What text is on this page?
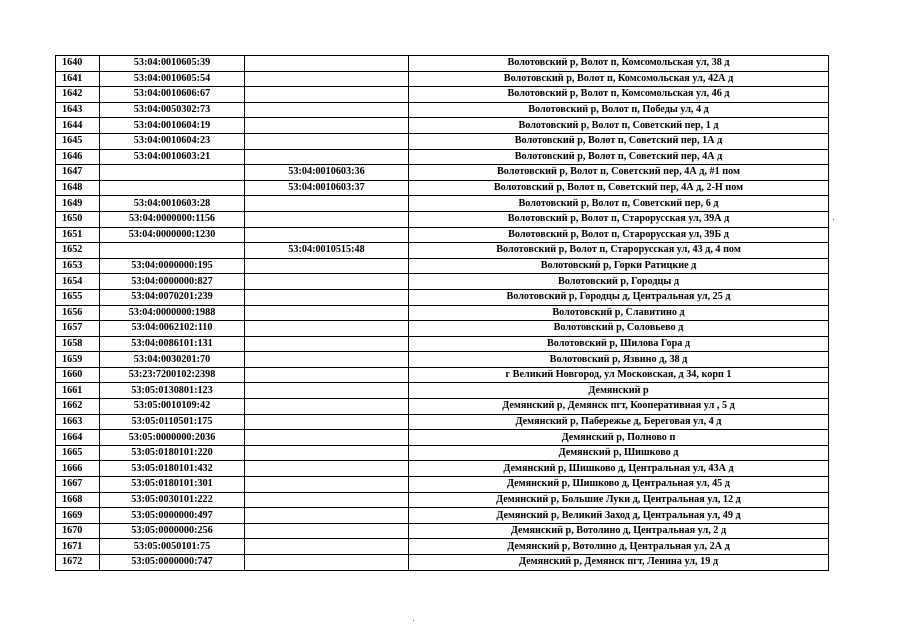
1640	53:04:0010605:39		Волотовский р, Волот п, Комсомольская ул, 38 д
1641	53:04:0010605:54		Волотовский р, Волот п, Комсомольская ул, 42А д
1642	53:04:0010606:67		Волотовский р, Волот п, Комсомольская ул, 46 д
1643	53:04:0050302:73		Волотовский р, Волот п, Победы ул, 4 д
1644	53:04:0010604:19		Волотовский р, Волот п, Советский пер, 1 д
1645	53:04:0010604:23		Волотовский р, Волот п, Советский пер, 1А д
1646	53:04:0010603:21		Волотовский р, Волот п, Советский пер, 4А д
1647		53:04:0010603:36	Волотовский р, Волот п, Советский пер, 4А д, #1 пом
1648		53:04:0010603:37	Волотовский р, Волот п, Советский пер, 4А д, 2-Н пом
1649	53:04:0010603:28		Волотовский р, Волот п, Советский пер, 6 д
1650	53:04:0000000:1156		Волотовский р, Волот п, Старорусская ул, 39А д
1651	53:04:0000000:1230		Волотовский р, Волот п, Старорусская ул, 39Б д
1652		53:04:0010515:48	Волотовский р, Волот п, Старорусская ул, 43 д, 4 пом
1653	53:04:0000000:195		Волотовский р, Горки Ратицкие д
1654	53:04:0000000:827		Волотовский р, Городцы д
1655	53:04:0070201:239		Волотовский р, Городцы д, Центральная ул, 25 д
1656	53:04:0000000:1988		Волотовский р, Славитино д
1657	53:04:0062102:110		Волотовский р, Соловьево д
1658	53:04:0086101:131		Волотовский р, Шилова Гора д
1659	53:04:0030201:70		Волотовский р, Язвино д, 38 д
1660	53:23:7200102:2398		г Великий Новгород, ул Московская, д 34, корп 1
1661	53:05:0130801:123		Демянский р
1662	53:05:0010109:42		Демянский р, Демянск пгт, Кооперативная ул , 5 д
1663	53:05:0110501:175		Демянский р, Паберeжье д, Береговая ул, 4 д
1664	53:05:0000000:2036		Демянский р, Полново п
1665	53:05:0180101:220		Демянский р, Шишково д
1666	53:05:0180101:432		Демянский р, Шишково д, Центральная ул, 43А д
1667	53:05:0180101:301		Демянский р, Шишково д, Центральная ул, 45 д
1668	53:05:0030101:222		Демянский р, Большие Луки д, Центральная ул, 12 д
1669	53:05:0000000:497		Демянский р, Великий Заход д, Центральная ул, 49 д
1670	53:05:0000000:256		Демянский р, Вотолино д, Центральная ул, 2 д
1671	53:05:0050101:75		Демянский р, Вотолино д, Центральная ул, 2А д
1672	53:05:0000000:747		Демянский р, Демянск пгт, Ленина ул, 19 д
